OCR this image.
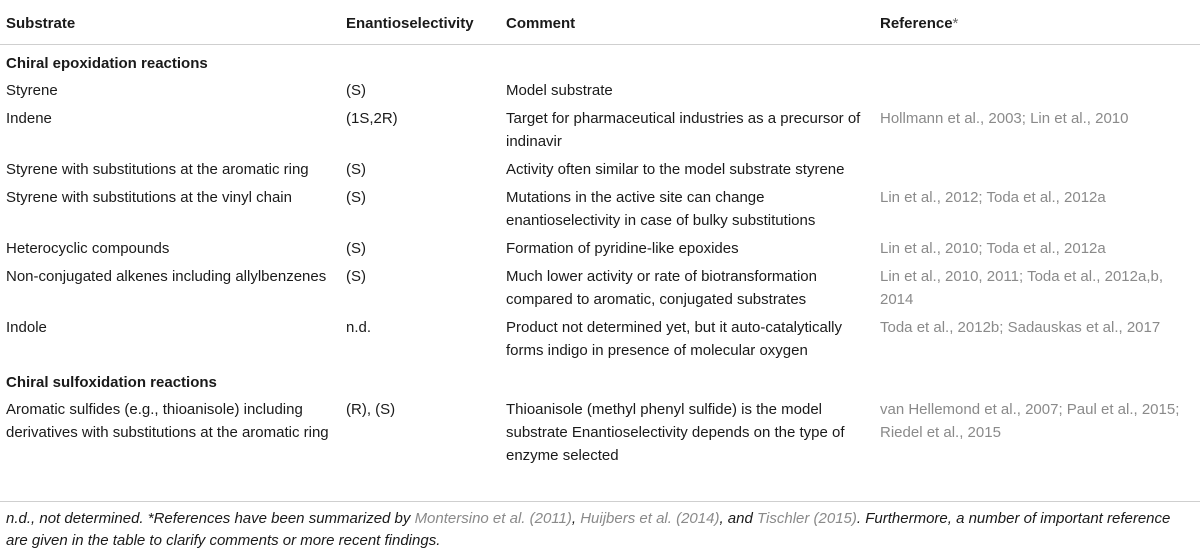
Substrate	Enantioselectivity	Comment	Reference*
Chiral epoxidation reactions			
Styrene	(S)	Model substrate	
Indene	(1S,2R)	Target for pharmaceutical industries as a precursor of indinavir	Hollmann et al., 2003; Lin et al., 2010
Styrene with substitutions at the aromatic ring	(S)	Activity often similar to the model substrate styrene	
Styrene with substitutions at the vinyl chain	(S)	Mutations in the active site can change enantioselectivity in case of bulky substitutions	Lin et al., 2012; Toda et al., 2012a
Heterocyclic compounds	(S)	Formation of pyridine-like epoxides	Lin et al., 2010; Toda et al., 2012a
Non-conjugated alkenes including allylbenzenes	(S)	Much lower activity or rate of biotransformation compared to aromatic, conjugated substrates	Lin et al., 2010, 2011; Toda et al., 2012a,b, 2014
Indole	n.d.	Product not determined yet, but it auto-catalytically forms indigo in presence of molecular oxygen	Toda et al., 2012b; Sadauskas et al., 2017
Chiral sulfoxidation reactions			
Aromatic sulfides (e.g., thioanisole) including derivatives with substitutions at the aromatic ring	(R), (S)	Thioanisole (methyl phenyl sulfide) is the model substrate Enantioselectivity depends on the type of enzyme selected	van Hellemond et al., 2007; Paul et al., 2015; Riedel et al., 2015
n.d., not determined. *References have been summarized by Montersino et al. (2011), Huijbers et al. (2014), and Tischler (2015). Furthermore, a number of important reference are given in the table to clarify comments or more recent findings.
